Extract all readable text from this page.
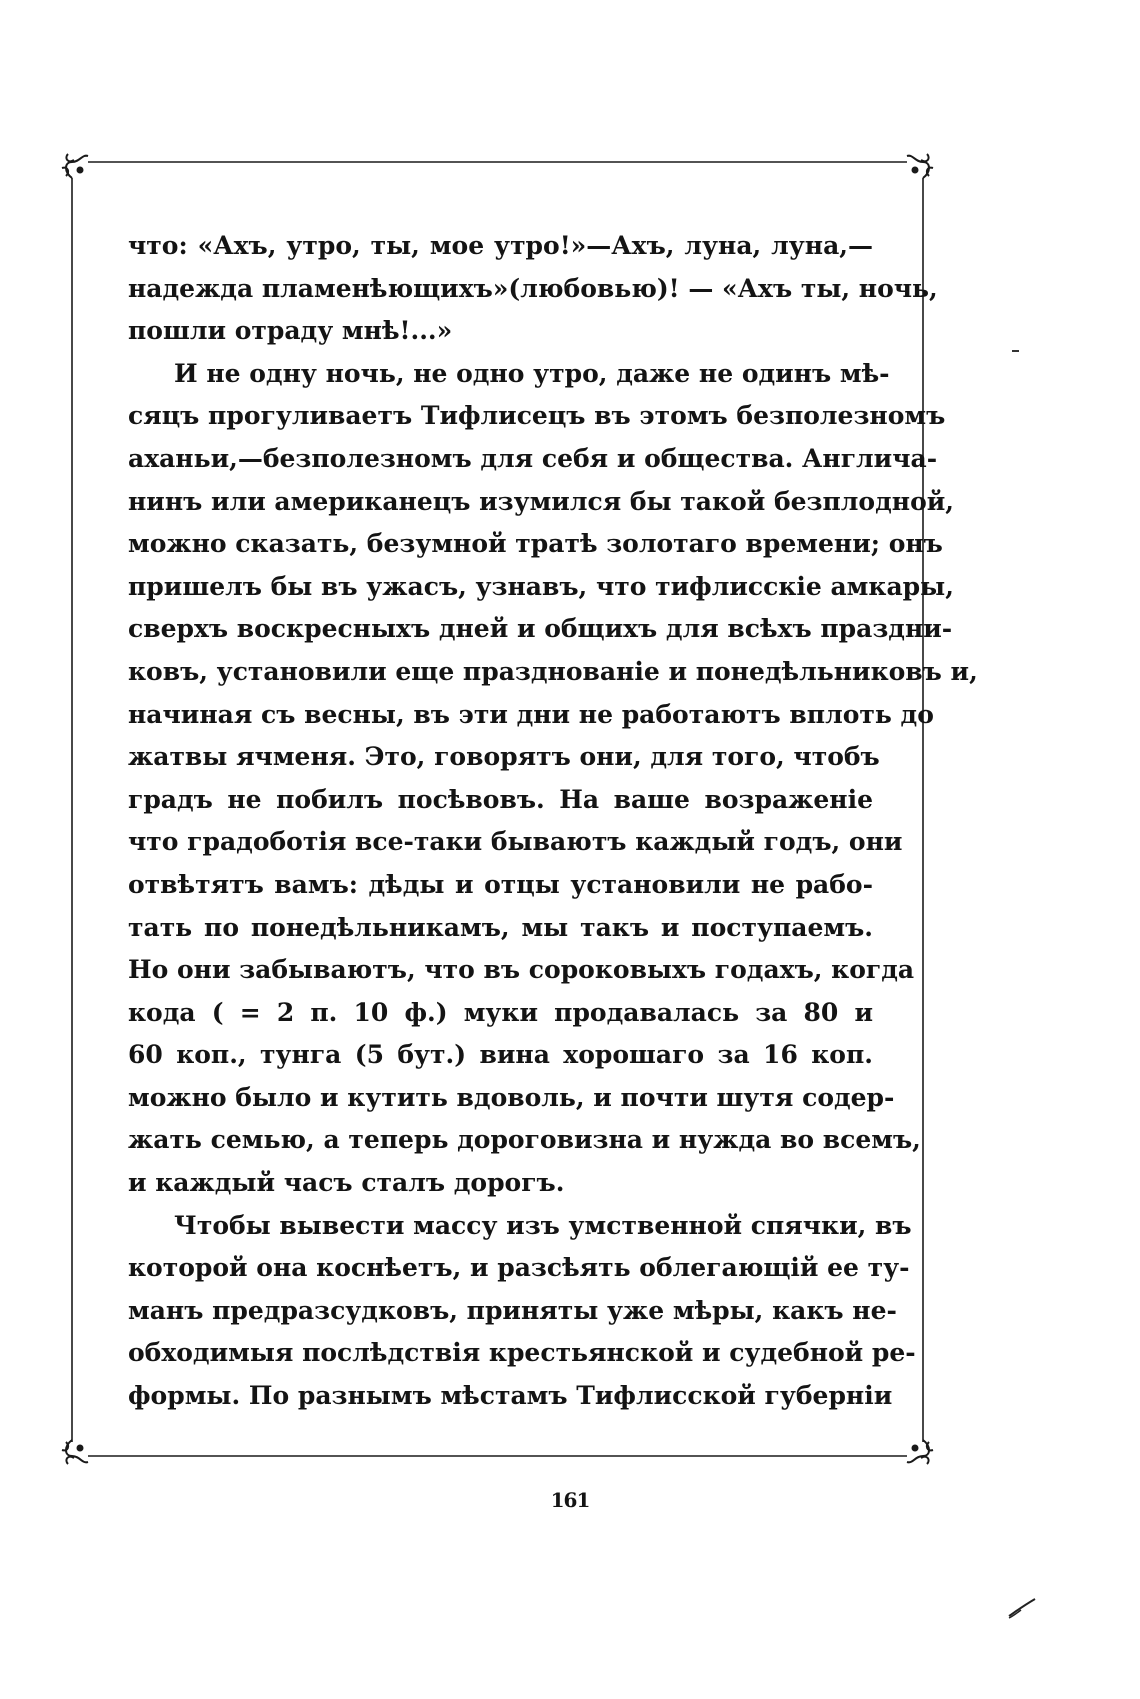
что: «Ахъ, утро, ты, мое утро!»—Ахъ, луна, луна,—
надежда пламенѣющихъ»(любовью)! — «Ахъ ты, ночь,
пошли отраду мнѣ!...»
И не одну ночь, не одно утро, даже не одинъ мѣ-
сяцъ прогуливаетъ Тифлисецъ въ этомъ безполезномъ
аханьи,—безполезномъ для себя и общества. Англича-
нинъ или американецъ изумился бы такой безплодной,
можно сказать, безумной тратѣ золотаго времени; онъ
пришелъ бы въ ужасъ, узнавъ, что тифлисскіе амкары,
сверхъ воскресныхъ дней и общихъ для всѣхъ праздни-
ковъ, установили еще празднованіе и понедѣльниковъ и,
начиная съ весны, въ эти дни не работаютъ вплоть до
жатвы ячменя. Это, говорятъ они, для того, чтобъ
градъ не побилъ посѣвовъ. На ваше возраженіе
что градоботія все-таки бываютъ каждый годъ, они
отвѣтятъ вамъ: дѣды и отцы установили не рабо-
тать по понедѣльникамъ, мы такъ и поступаемъ.
Но они забываютъ, что въ сороковыхъ годахъ, когда
кода ( = 2 п. 10 ф.) муки продавалась за 80 и
60 коп., тунга (5 бут.) вина хорошаго за 16 коп.
можно было и кутить вдоволь, и почти шутя содер-
жать семью, а теперь дороговизна и нужда во всемъ,
и каждый часъ сталъ дорогъ.
Чтобы вывести массу изъ умственной спячки, въ
которой она коснѣетъ, и разсѣять облегающій ее ту-
манъ предразсудковъ, приняты уже мѣры, какъ не-
обходимыя послѣдствія крестьянской и судебной ре-
формы. По разнымъ мѣстамъ Тифлисской губерніи
161
